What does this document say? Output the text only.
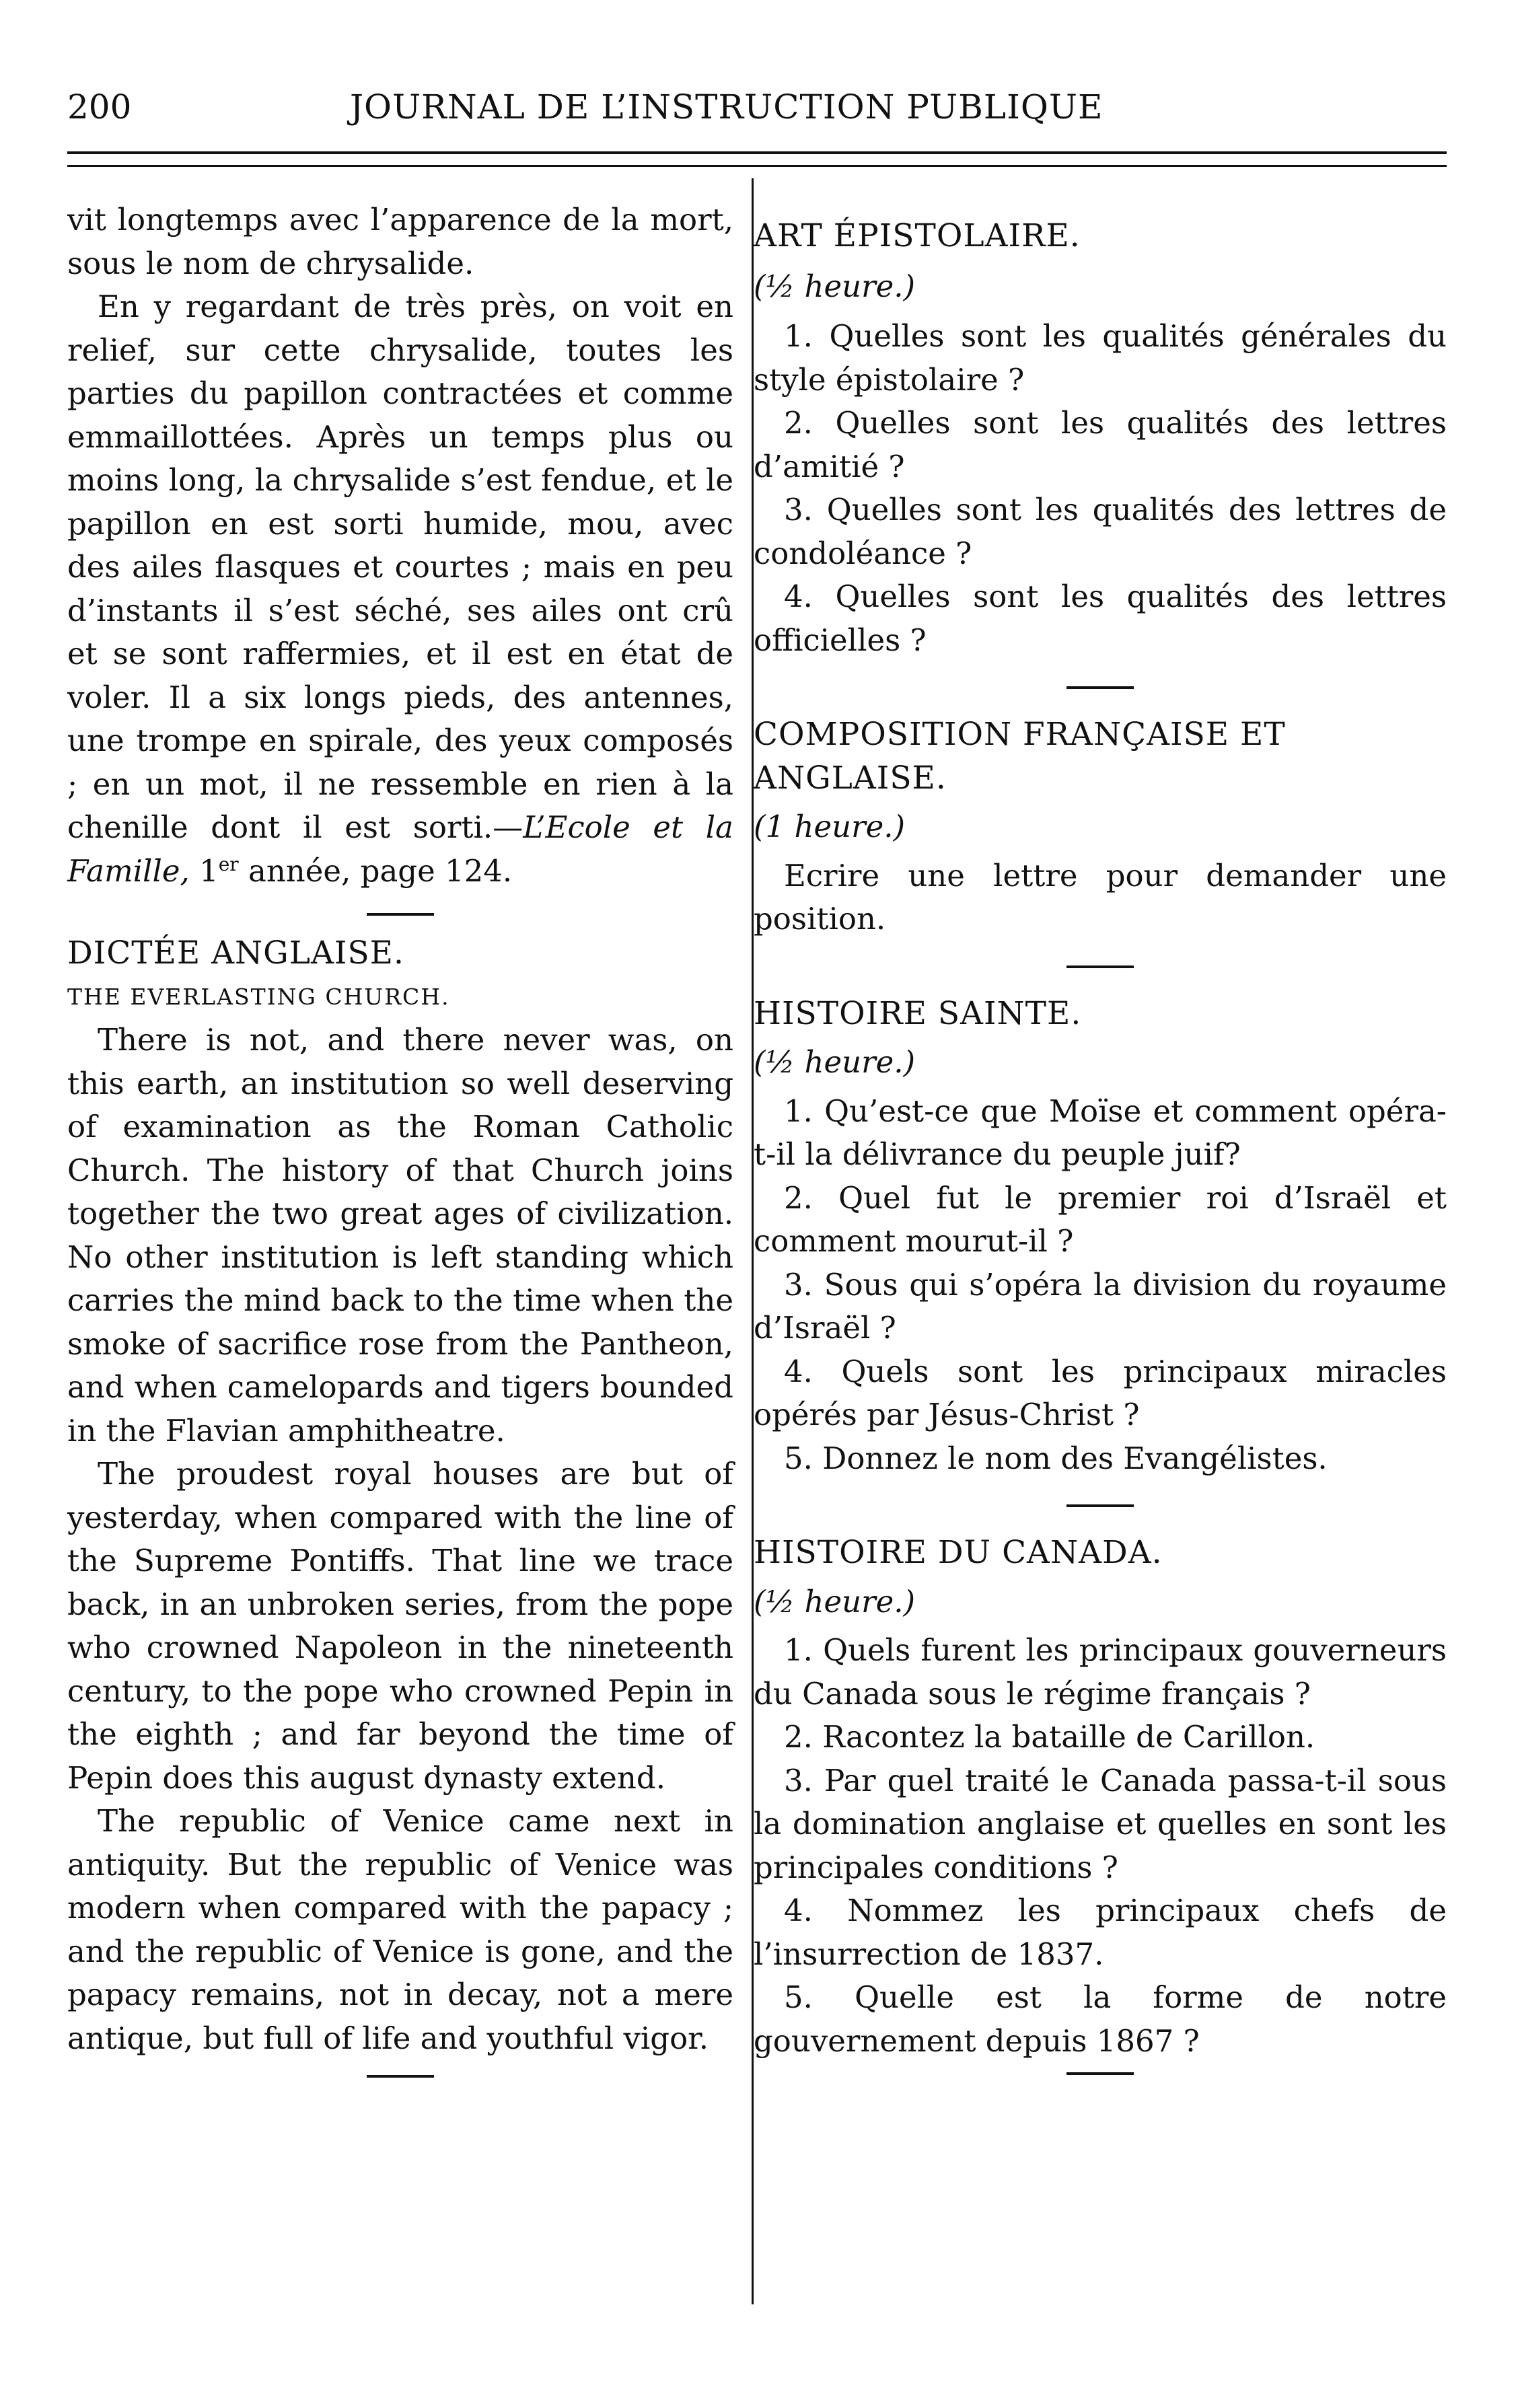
200	JOURNAL DE L’INSTRUCTION PUBLIQUE

vit longtemps avec l’apparence de la mort, sous le nom de chrysalide.

En y regardant de très près, on voit en relief, sur cette chrysalide, toutes les parties du papillon contractées et comme emmaillottées. Après un temps plus ou moins long, la chrysalide s’est fendue, et le papillon en est sorti humide, mou, avec des ailes flasques et courtes ; mais en peu d’instants il s’est séché, ses ailes ont crû et se sont raffermies, et il est en état de voler. Il a six longs pieds, des antennes, une trompe en spirale, des yeux composés ; en un mot, il ne ressemble en rien à la chenille dont il est sorti.—L’Ecole et la Famille, 1er année, page 124.

DICTÉE ANGLAISE.

THE EVERLASTING CHURCH.

There is not, and there never was, on this earth, an institution so well deserving of examination as the Roman Catholic Church. The history of that Church joins together the two great ages of civilization. No other institution is left standing which carries the mind back to the time when the smoke of sacrifice rose from the Pantheon, and when camelopards and tigers bounded in the Flavian amphitheatre.

The proudest royal houses are but of yesterday, when compared with the line of the Supreme Pontiffs. That line we trace back, in an unbroken series, from the pope who crowned Napoleon in the nineteenth century, to the pope who crowned Pepin in the eighth ; and far beyond the time of Pepin does this august dynasty extend.

The republic of Venice came next in antiquity. But the republic of Venice was modern when compared with the papacy ; and the republic of Venice is gone, and the papacy remains, not in decay, not a mere antique, but full of life and youthful vigor.

ART ÉPISTOLAIRE.

(½ heure.)

1. Quelles sont les qualités générales du style épistolaire ?

2. Quelles sont les qualités des lettres d’amitié ?

3. Quelles sont les qualités des lettres de condoléance ?

4. Quelles sont les qualités des lettres officielles ?

COMPOSITION FRANÇAISE ET

ANGLAISE.

(1 heure.)

Ecrire une lettre pour demander une position.

HISTOIRE SAINTE.

(½ heure.)

1. Qu’est-ce que Moïse et comment opéra-t-il la délivrance du peuple juif?

2. Quel fut le premier roi d’Israël et comment mourut-il ?

3. Sous qui s’opéra la division du royaume d’Israël ?

4. Quels sont les principaux miracles opérés par Jésus-Christ ?

5. Donnez le nom des Evangélistes.

HISTOIRE DU CANADA.

(½ heure.)

1. Quels furent les principaux gouverneurs du Canada sous le régime français ?

2. Racontez la bataille de Carillon.

3. Par quel traité le Canada passa-t-il sous la domination anglaise et quelles en sont les principales conditions ?

4. Nommez les principaux chefs de l’insurrection de 1837.

5. Quelle est la forme de notre gouvernement depuis 1867 ?
